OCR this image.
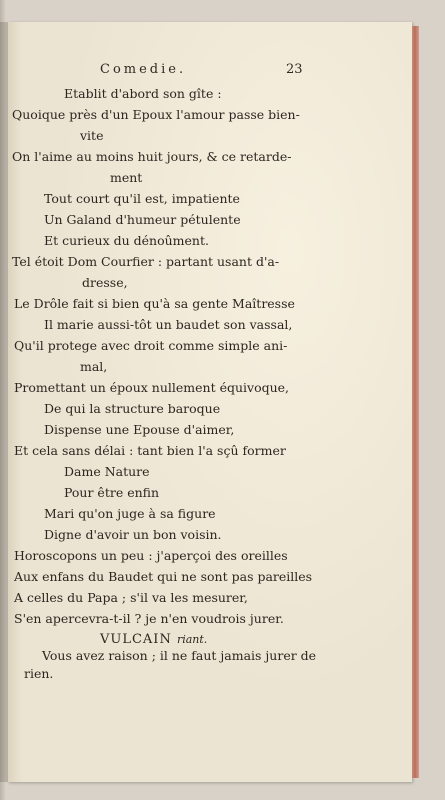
Comedie.	23
Etablit d'abord son gîte :
Quoique près d'un Epoux l'amour passe bien-
vite
On l'aime au moins huit jours, & ce retarde-
ment
Tout court qu'il est, impatiente
Un Galand d'humeur pétulente
Et curieux du dénoûment.
Tel étoit Dom Courfier : partant usant d'a-
dresse,
Le Drôle fait si bien qu'à sa gente Maîtresse
Il marie aussi-tôt un baudet son vassal,
Qu'il protege avec droit comme simple ani-
mal,
Promettant un époux nullement équivoque,
De qui la structure baroque
Dispense une Epouse d'aimer,
Et cela sans délai : tant bien l'a sçû former
Dame Nature
Pour être enfin
Mari qu'on juge à sa figure
Digne d'avoir un bon voisin.
Horoscopons un peu : j'aperçoi des oreilles
Aux enfans du Baudet qui ne sont pas pareilles
A celles du Papa ; s'il va les mesurer,
S'en apercevra-t-il ? je n'en voudrois jurer.
VULCAIN riant.
Vous avez raison ; il ne faut jamais jurer de
rien.
